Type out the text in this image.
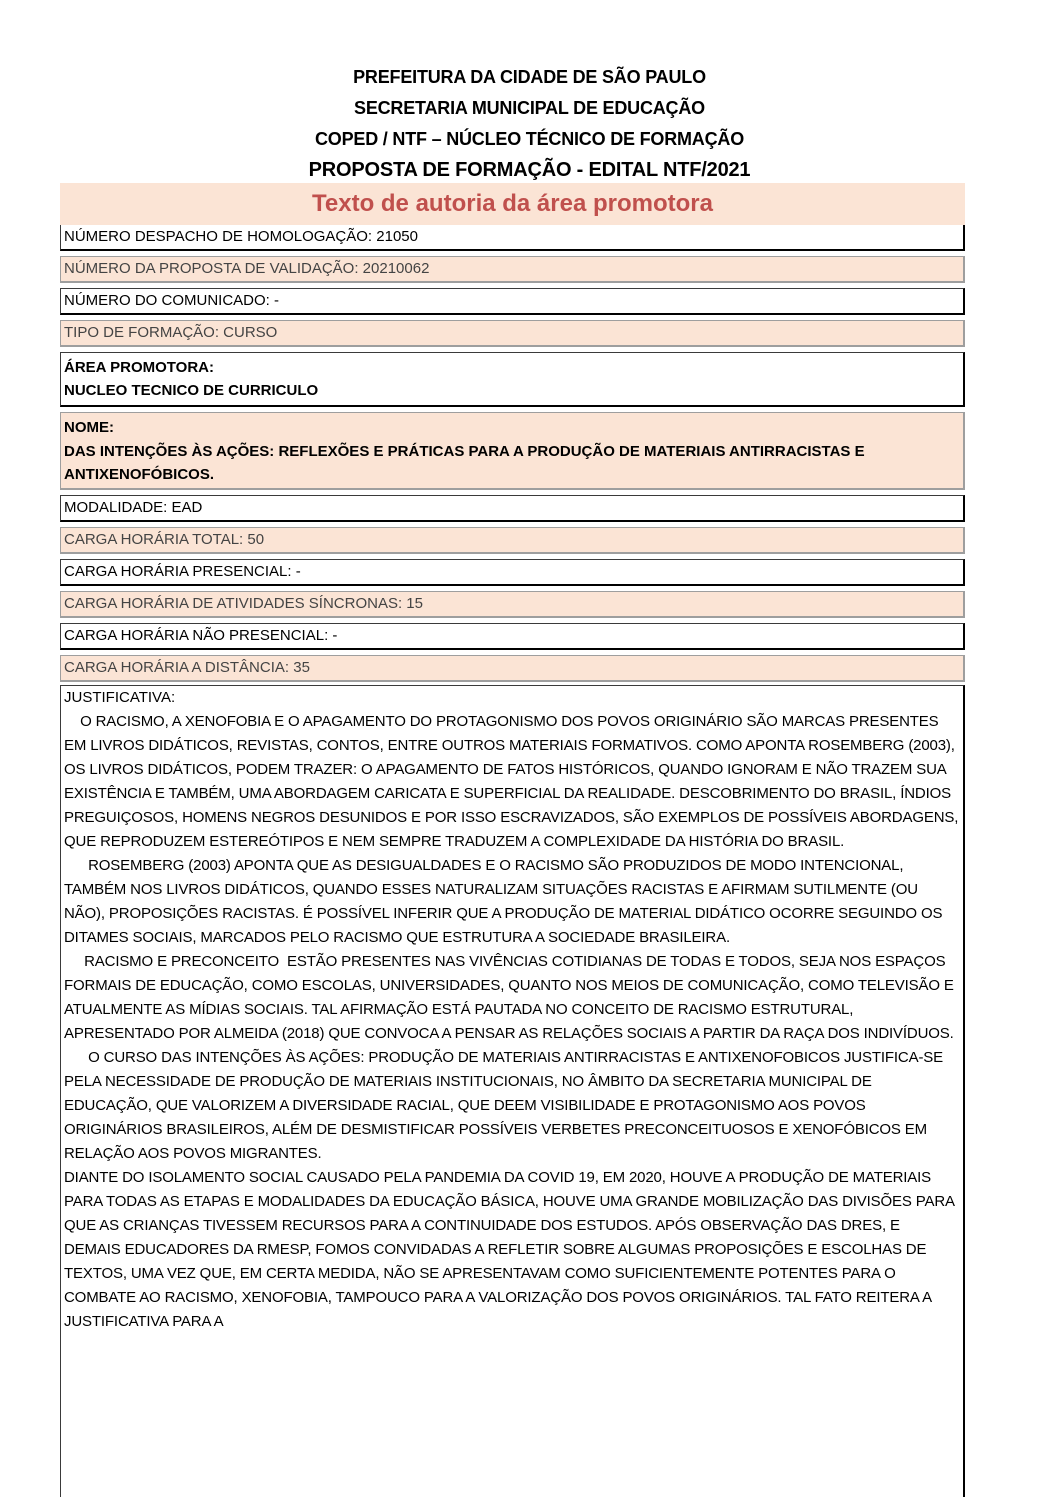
PREFEITURA DA CIDADE DE SÃO PAULO
SECRETARIA MUNICIPAL DE EDUCAÇÃO
COPED / NTF – NÚCLEO TÉCNICO DE FORMAÇÃO
PROPOSTA DE FORMAÇÃO - EDITAL NTF/2021
Texto de autoria da área promotora
NÚMERO DESPACHO DE HOMOLOGAÇÃO: 21050
NÚMERO DA PROPOSTA DE VALIDAÇÃO: 20210062
NÚMERO DO COMUNICADO: -
TIPO DE FORMAÇÃO: CURSO
ÁREA PROMOTORA:
NUCLEO TECNICO DE CURRICULO
NOME:
DAS INTENÇÕES ÀS AÇÕES: REFLEXÕES E PRÁTICAS PARA A PRODUÇÃO DE MATERIAIS ANTIRRACISTAS E ANTIXENOFÓBICOS.
MODALIDADE: EAD
CARGA HORÁRIA TOTAL: 50
CARGA HORÁRIA PRESENCIAL: -
CARGA HORÁRIA DE ATIVIDADES SÍNCRONAS: 15
CARGA HORÁRIA NÃO PRESENCIAL: -
CARGA HORÁRIA A DISTÂNCIA: 35
JUSTIFICATIVA:

O RACISMO, A XENOFOBIA E O APAGAMENTO DO PROTAGONISMO DOS POVOS ORIGINÁRIO SÃO MARCAS PRESENTES EM LIVROS DIDÁTICOS, REVISTAS, CONTOS, ENTRE OUTROS MATERIAIS FORMATIVOS. COMO APONTA ROSEMBERG (2003), OS LIVROS DIDÁTICOS, PODEM TRAZER: O APAGAMENTO DE FATOS HISTÓRICOS, QUANDO IGNORAM E NÃO TRAZEM SUA EXISTÊNCIA E TAMBÉM, UMA ABORDAGEM CARICATA E SUPERFICIAL DA REALIDADE. DESCOBRIMENTO DO BRASIL, ÍNDIOS PREGUIÇOSOS, HOMENS NEGROS DESUNIDOS E POR ISSO ESCRAVIZADOS, SÃO EXEMPLOS DE POSSÍVEIS ABORDAGENS, QUE REPRODUZEM ESTEREÓTIPOS E NEM SEMPRE TRADUZEM A COMPLEXIDADE DA HISTÓRIA DO BRASIL.

ROSEMBERG (2003) APONTA QUE AS DESIGUALDADES E O RACISMO SÃO PRODUZIDOS DE MODO INTENCIONAL, TAMBÉM NOS LIVROS DIDÁTICOS, QUANDO ESSES NATURALIZAM SITUAÇÕES RACISTAS E AFIRMAM SUTILMENTE (OU NÃO), PROPOSIÇÕES RACISTAS. É POSSÍVEL INFERIR QUE A PRODUÇÃO DE MATERIAL DIDÁTICO OCORRE SEGUINDO OS DITAMES SOCIAIS, MARCADOS PELO RACISMO QUE ESTRUTURA A SOCIEDADE BRASILEIRA.

RACISMO E PRECONCEITO  ESTÃO PRESENTES NAS VIVÊNCIAS COTIDIANAS DE TODAS E TODOS, SEJA NOS ESPAÇOS FORMAIS DE EDUCAÇÃO, COMO ESCOLAS, UNIVERSIDADES, QUANTO NOS MEIOS DE COMUNICAÇÃO, COMO TELEVISÃO E ATUALMENTE AS MÍDIAS SOCIAIS. TAL AFIRMAÇÃO ESTÁ PAUTADA NO CONCEITO DE RACISMO ESTRUTURAL, APRESENTADO POR ALMEIDA (2018) QUE CONVOCA A PENSAR AS RELAÇÕES SOCIAIS A PARTIR DA RAÇA DOS INDIVÍDUOS.

O CURSO DAS INTENÇÕES ÀS AÇÕES: PRODUÇÃO DE MATERIAIS ANTIRRACISTAS E ANTIXENOFOBICOS JUSTIFICA-SE PELA NECESSIDADE DE PRODUÇÃO DE MATERIAIS INSTITUCIONAIS, NO ÂMBITO DA SECRETARIA MUNICIPAL DE EDUCAÇÃO, QUE VALORIZEM A DIVERSIDADE RACIAL, QUE DEEM VISIBILIDADE E PROTAGONISMO AOS POVOS ORIGINÁRIOS BRASILEIROS, ALÉM DE DESMISTIFICAR POSSÍVEIS VERBETES PRECONCEITUOSOS E XENOFÓBICOS EM RELAÇÃO AOS POVOS MIGRANTES.

DIANTE DO ISOLAMENTO SOCIAL CAUSADO PELA PANDEMIA DA COVID 19, EM 2020, HOUVE A PRODUÇÃO DE MATERIAIS PARA TODAS AS ETAPAS E MODALIDADES DA EDUCAÇÃO BÁSICA, HOUVE UMA GRANDE MOBILIZAÇÃO DAS DIVISÕES PARA QUE AS CRIANÇAS TIVESSEM RECURSOS PARA A CONTINUIDADE DOS ESTUDOS. APÓS OBSERVAÇÃO DAS DRES, E DEMAIS EDUCADORES DA RMESP, FOMOS CONVIDADAS A REFLETIR SOBRE ALGUMAS PROPOSIÇÕES E ESCOLHAS DE TEXTOS, UMA VEZ QUE, EM CERTA MEDIDA, NÃO SE APRESENTAVAM COMO SUFICIENTEMENTE POTENTES PARA O COMBATE AO RACISMO, XENOFOBIA, TAMPOUCO PARA A VALORIZAÇÃO DOS POVOS ORIGINÁRIOS. TAL FATO REITERA A JUSTIFICATIVA PARA A
